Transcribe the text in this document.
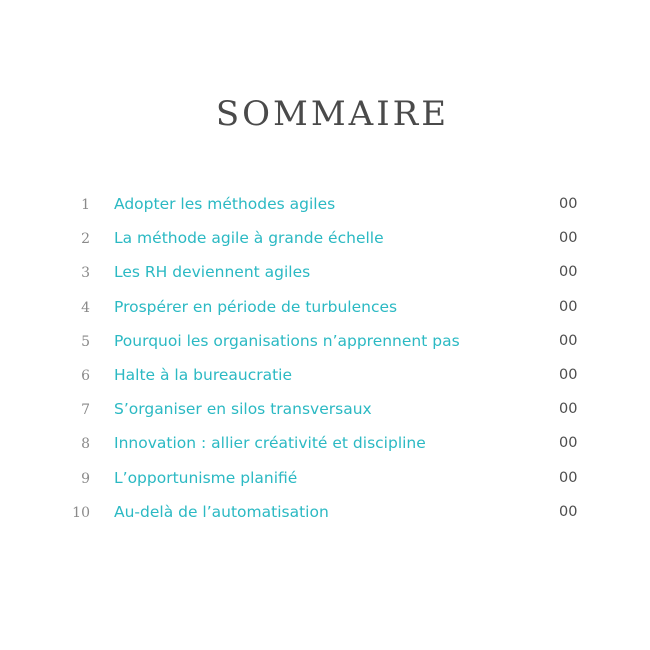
SOMMAIRE
1 Adopter les méthodes agiles	00
2 La méthode agile à grande échelle	00
3 Les RH deviennent agiles	00
4 Prospérer en période de turbulences	00
5 Pourquoi les organisations n’apprennent pas	00
6 Halte à la bureaucratie	00
7 S’organiser en silos transversaux	00
8 Innovation : allier créativité et discipline	00
9 L’opportunisme planifié	00
10 Au-delà de l’automatisation	00
